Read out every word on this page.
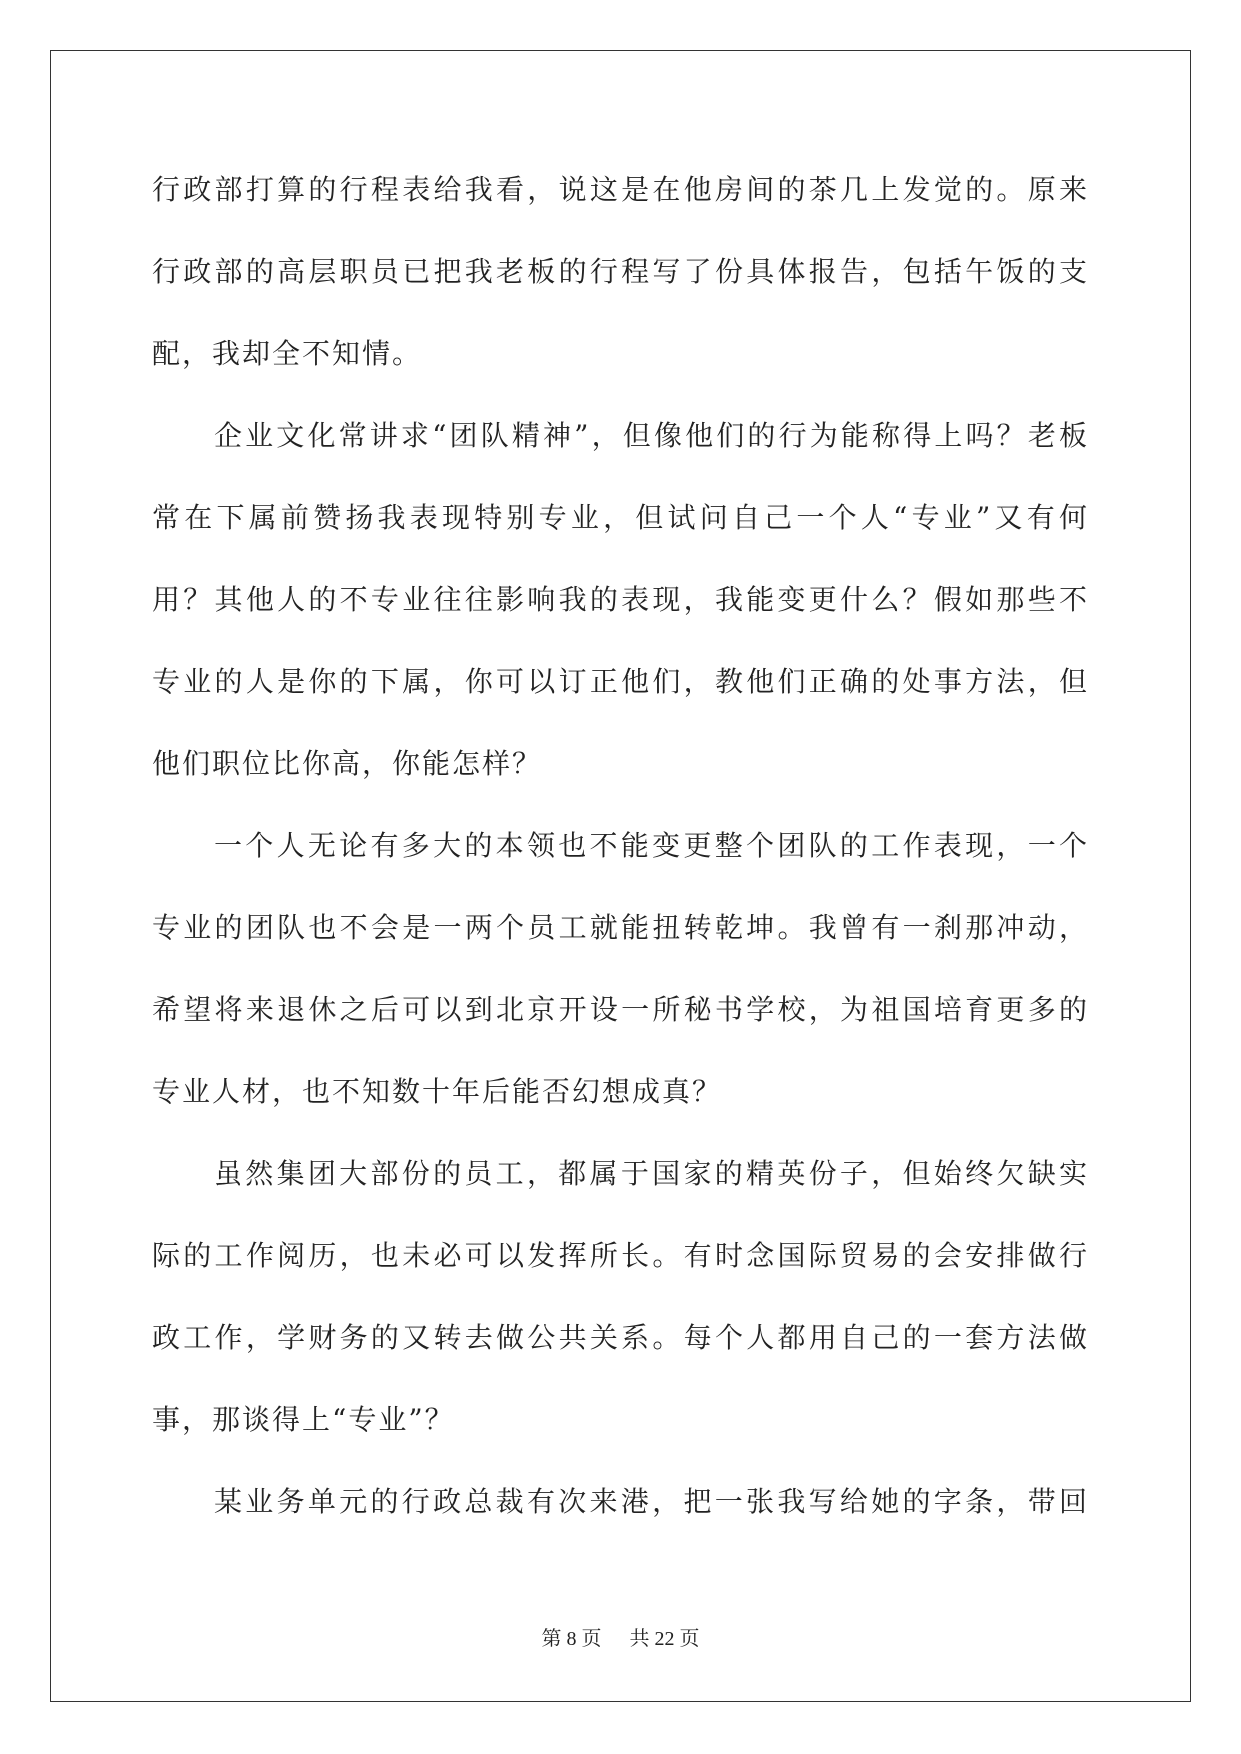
行政部打算的行程表给我看，说这是在他房间的茶几上发觉的。原来
行政部的高层职员已把我老板的行程写了份具体报告，包括午饭的支
配，我却全不知情。
企业文化常讲求“团队精神”，但像他们的行为能称得上吗？老板
常在下属前赞扬我表现特别专业，但试问自己一个人“专业”又有何
用？其他人的不专业往往影响我的表现，我能变更什么？假如那些不
专业的人是你的下属，你可以订正他们，教他们正确的处事方法，但
他们职位比你高，你能怎样？
一个人无论有多大的本领也不能变更整个团队的工作表现，一个
专业的团队也不会是一两个员工就能扭转乾坤。我曾有一刹那冲动，
希望将来退休之后可以到北京开设一所秘书学校，为祖国培育更多的
专业人材，也不知数十年后能否幻想成真？
虽然集团大部份的员工，都属于国家的精英份子，但始终欠缺实
际的工作阅历，也未必可以发挥所长。有时念国际贸易的会安排做行
政工作，学财务的又转去做公共关系。每个人都用自己的一套方法做
事，那谈得上“专业”？
某业务单元的行政总裁有次来港，把一张我写给她的字条，带回
第 8 页 共 22 页
